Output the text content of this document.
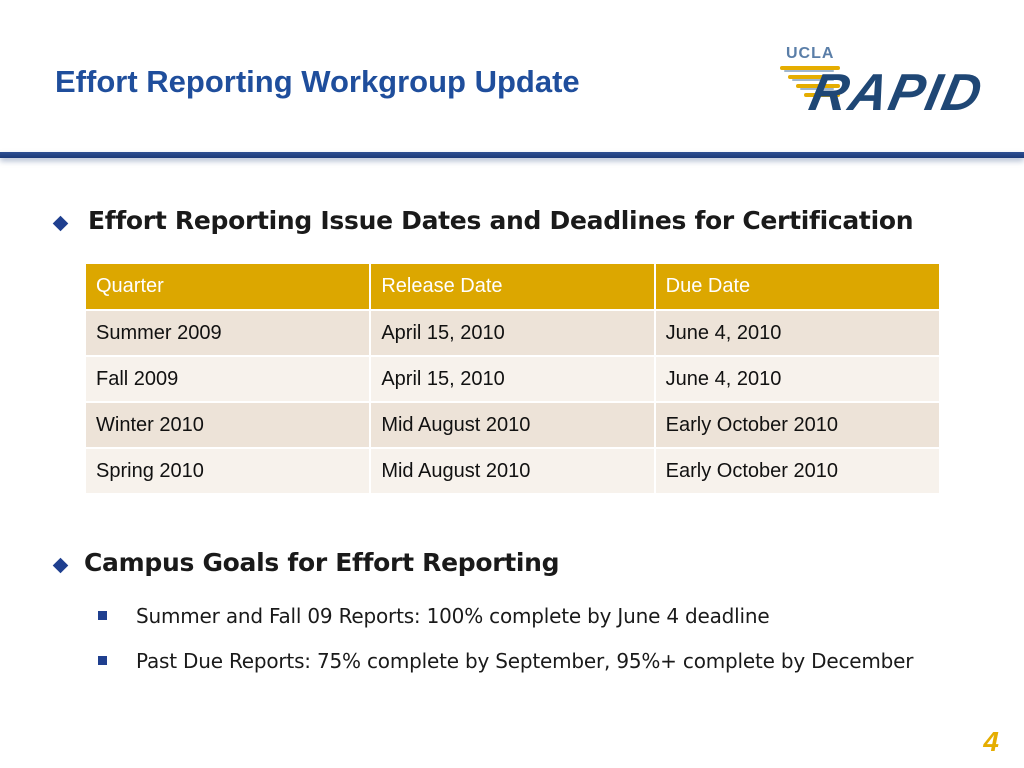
Effort Reporting Workgroup Update
UCLA
RAPID
Effort Reporting Issue Dates and Deadlines for Certification
Quarter	Release Date	Due Date
Summer 2009	April 15, 2010	June 4, 2010
Fall 2009	April 15, 2010	June 4, 2010
Winter 2010	Mid August 2010	Early October 2010
Spring 2010	Mid August 2010	Early October 2010
Campus Goals for Effort Reporting
Summer and Fall 09 Reports: 100% complete by June 4 deadline
Past Due Reports: 75% complete by September, 95%+ complete by December
4
